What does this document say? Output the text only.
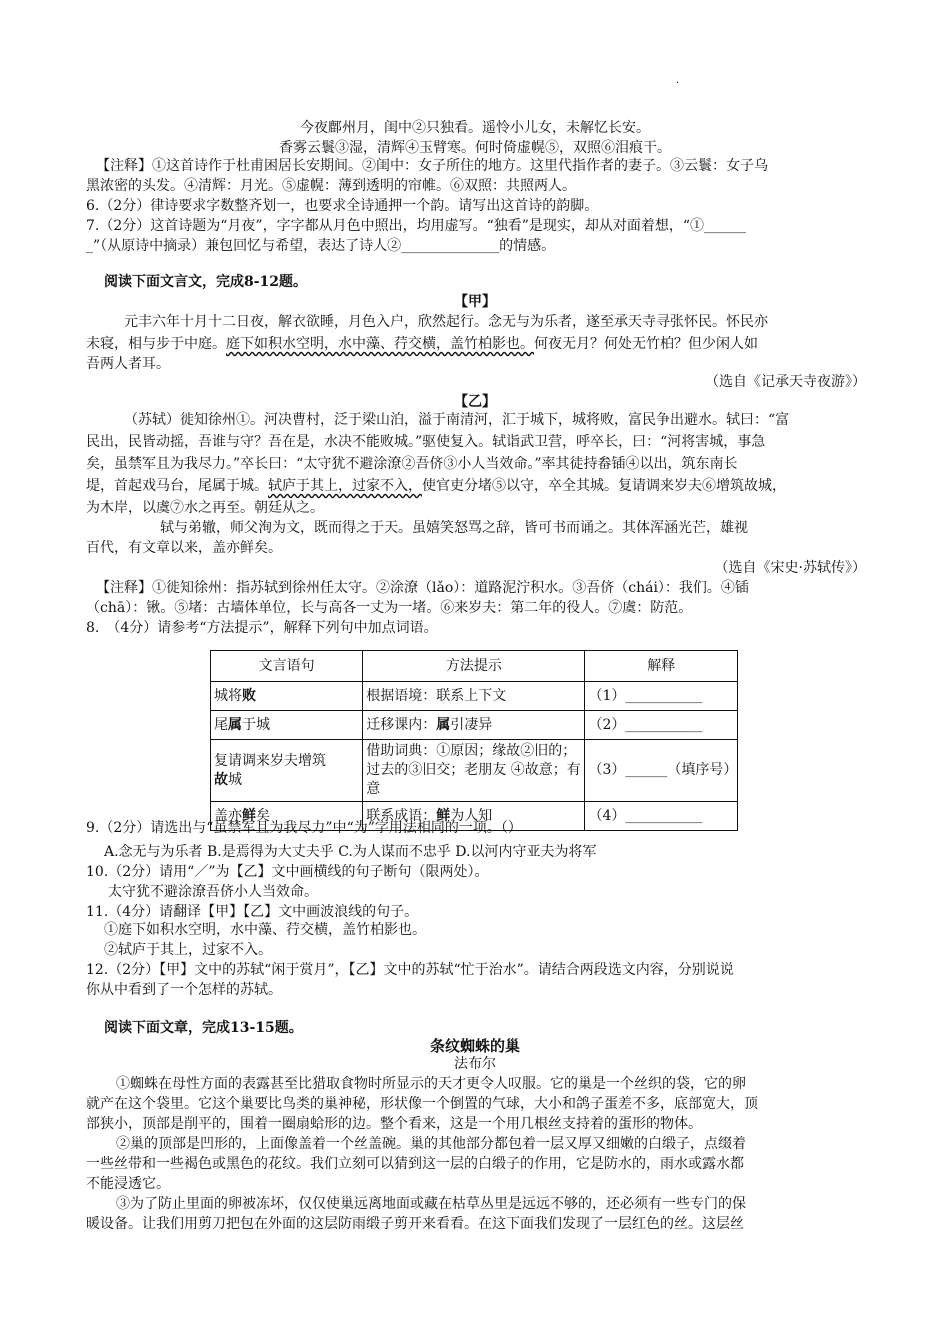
·
今夜鄜州月，闺中②只独看。遥怜小儿女，未解忆长安。
香雾云鬟③湿，清辉④玉臂寒。何时倚虚幌⑤，双照⑥泪痕干。
【注释】①这首诗作于杜甫困居长安期间。②闺中：女子所住的地方。这里代指作者的妻子。③云鬟：女子乌
黑浓密的头发。④清辉：月光。⑤虚幌：薄到透明的帘帷。⑥双照：共照两人。
6.（2分）律诗要求字数整齐划一，也要求全诗通押一个韵。请写出这首诗的韵脚。
7.（2分）这首诗题为“月夜”，字字都从月色中照出，均用虚写。“独看”是现实，却从对面着想，“①______
_”（从原诗中摘录）兼包回忆与希望，表达了诗人②______________的情感。
阅读下面文言文，完成8-12题。
【甲】
元丰六年十月十二日夜，解衣欲睡，月色入户，欣然起行。念无与为乐者，遂至承天寺寻张怀民。怀民亦
未寝，相与步于中庭。庭下如积水空明，水中藻、荇交横，盖竹柏影也。何夜无月？何处无竹柏？但少闲人如
吾两人者耳。
（选自《记承天寺夜游》）
【乙】
（苏轼）徙知徐州①。河决曹村，泛于梁山泊，溢于南清河，汇于城下，城将败，富民争出避水。轼曰：“富
民出，民皆动摇，吾谁与守？吾在是，水决不能败城。”驱使复入。轼诣武卫营，呼卒长，曰：“河将害城，事急
矣，虽禁军且为我尽力。”卒长曰：“太守犹不避涂潦②吾侪③小人当效命。”率其徒持畚锸④以出，筑东南长
堤，首起戏马台，尾属于城。轼庐于其上，过家不入，使官吏分堵⑤以守，卒全其城。复请调来岁夫⑥增筑故城，
为木岸，以虞⑦水之再至。朝廷从之。
轼与弟辙，师父洵为文，既而得之于天。虽嬉笑怒骂之辞，皆可书而诵之。其体浑涵光芒，雄视
百代，有文章以来，盖亦鲜矣。
（选自《宋史·苏轼传》）
【注释】①徙知徐州：指苏轼到徐州任太守。②涂潦（lǎo）：道路泥泞积水。③吾侪（chái）：我们。④锸
（chā）：锹。⑤堵：古墙体单位，长与高各一丈为一堵。⑥来岁夫：第二年的役人。⑦虞：防范。
8.　（4分）请参考“方法提示”，解释下列句中加点词语。
文言语句	方法提示	解释
城将败	根据语境：联系上下文	（1）___________
尾属于城	迁移课内：属引凄异	（2）___________
复请调来岁夫增筑
故城	借助词典：①原因；缘故②旧的；过去的③旧交；老朋友 ④故意；有意	（3）______（填序号）
盖亦鲜矣	联系成语：鲜为人知	（4）___________
9.（2分）请选出与“虽禁军且为我尽力”中“为”字用法相同的一项。（）
A.念无与为乐者 B.是焉得为大丈夫乎 C.为人谋而不忠乎 D.以河内守亚夫为将军
10.（2分）请用“／”为【乙】文中画横线的句子断句（限两处）。
太守犹不避涂潦吾侪小人当效命。
11.（4分）请翻译【甲】【乙】文中画波浪线的句子。
①庭下如积水空明，水中藻、荇交横，盖竹柏影也。
②轼庐于其上，过家不入。
12.（2分）【甲】文中的苏轼“闲于赏月”，【乙】文中的苏轼“忙于治水”。请结合两段选文内容，分别说说
你从中看到了一个怎样的苏轼。
阅读下面文章，完成13-15题。
条纹蜘蛛的巢
法布尔
①蜘蛛在母性方面的表露甚至比猎取食物时所显示的天才更令人叹服。它的巢是一个丝织的袋，它的卵
就产在这个袋里。它这个巢要比鸟类的巢神秘，形状像一个倒置的气球，大小和鸽子蛋差不多，底部宽大，顶
部狭小，顶部是削平的，围着一圈扇蛤形的边。整个看来，这是一个用几根丝支持着的蛋形的物体。
②巢的顶部是凹形的，上面像盖着一个丝盖碗。巢的其他部分都包着一层又厚又细嫩的白缎子，点缀着
一些丝带和一些褐色或黑色的花纹。我们立刻可以猜到这一层的白缎子的作用，它是防水的，雨水或露水都
不能浸透它。
③为了防止里面的卵被冻坏，仅仅使巢远离地面或藏在枯草丛里是远远不够的，还必须有一些专门的保
暖设备。让我们用剪刀把包在外面的这层防雨缎子剪开来看看。在这下面我们发现了一层红色的丝。这层丝
